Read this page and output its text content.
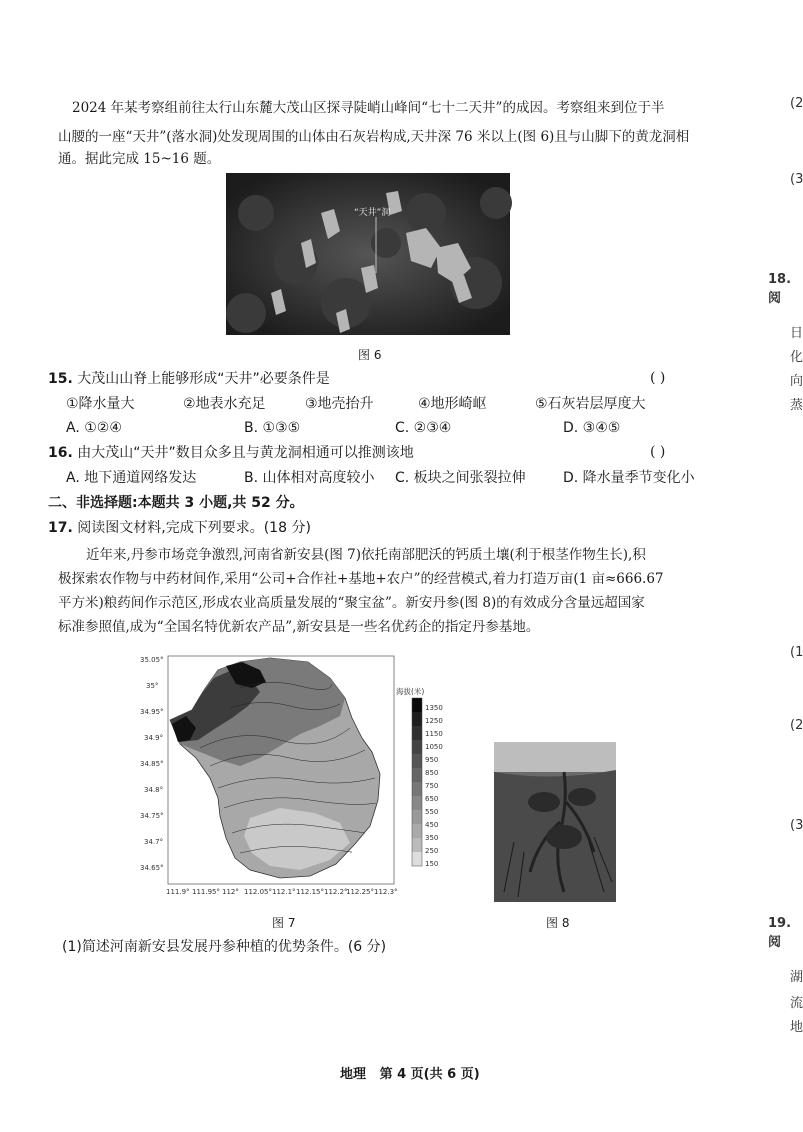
2024 年某考察组前往太行山东麓大茂山区探寻陡峭山峰间“七十二天井”的成因。考察组来到位于半
山腰的一座“天井”(落水洞)处发现周围的山体由石灰岩构成,天井深 76 米以上(图 6)且与山脚下的黄龙洞相
通。据此完成 15~16 题。
“天井”洞
图 6
15. 大茂山山脊上能够形成“天井”必要条件是	( )
①降水量大	②地表水充足	③地壳抬升	④地形崎岖	⑤石灰岩层厚度大
A. ①②④	B. ①③⑤	C. ②③④	D. ③④⑤
16. 由大茂山“天井”数目众多且与黄龙洞相通可以推测该地	( )
A. 地下通道网络发达	B. 山体相对高度较小 C. 板块之间张裂拉伸	D. 降水量季节变化小
二、非选择题:本题共 3 小题,共 52 分。
17. 阅读图文材料,完成下列要求。(18 分)
近年来,丹参市场竞争激烈,河南省新安县(图 7)依托南部肥沃的钙质土壤(利于根茎作物生长),积
极探索农作物与中药材间作,采用“公司+合作社+基地+农户”的经营模式,着力打造万亩(1 亩≈666.67
平方米)粮药间作示范区,形成农业高质量发展的“聚宝盆”。新安丹参(图 8)的有效成分含量远超国家
标准参照值,成为“全国名特优新农产品”,新安县是一些名优药企的指定丹参基地。
海拔(米)
1350
1250
1150
1050
950
850
750
650
550
450
350
250
150
35.05°
35°
34.95°
34.9°
34.85°
34.8°
34.75°
34.7°
34.65°
111.9° 111.95° 112° 112.05° 112.1° 112.15° 112.2°
112.25° 112.3°
图 7	图 8
(1)简述河南新安县发展丹参种植的优势条件。(6 分)
地理   第 4 页(共 6 页)
(2
(3
18. 阅
日
化
向
蒸
(1
(2
(3
19. 阅
湖
流
地
